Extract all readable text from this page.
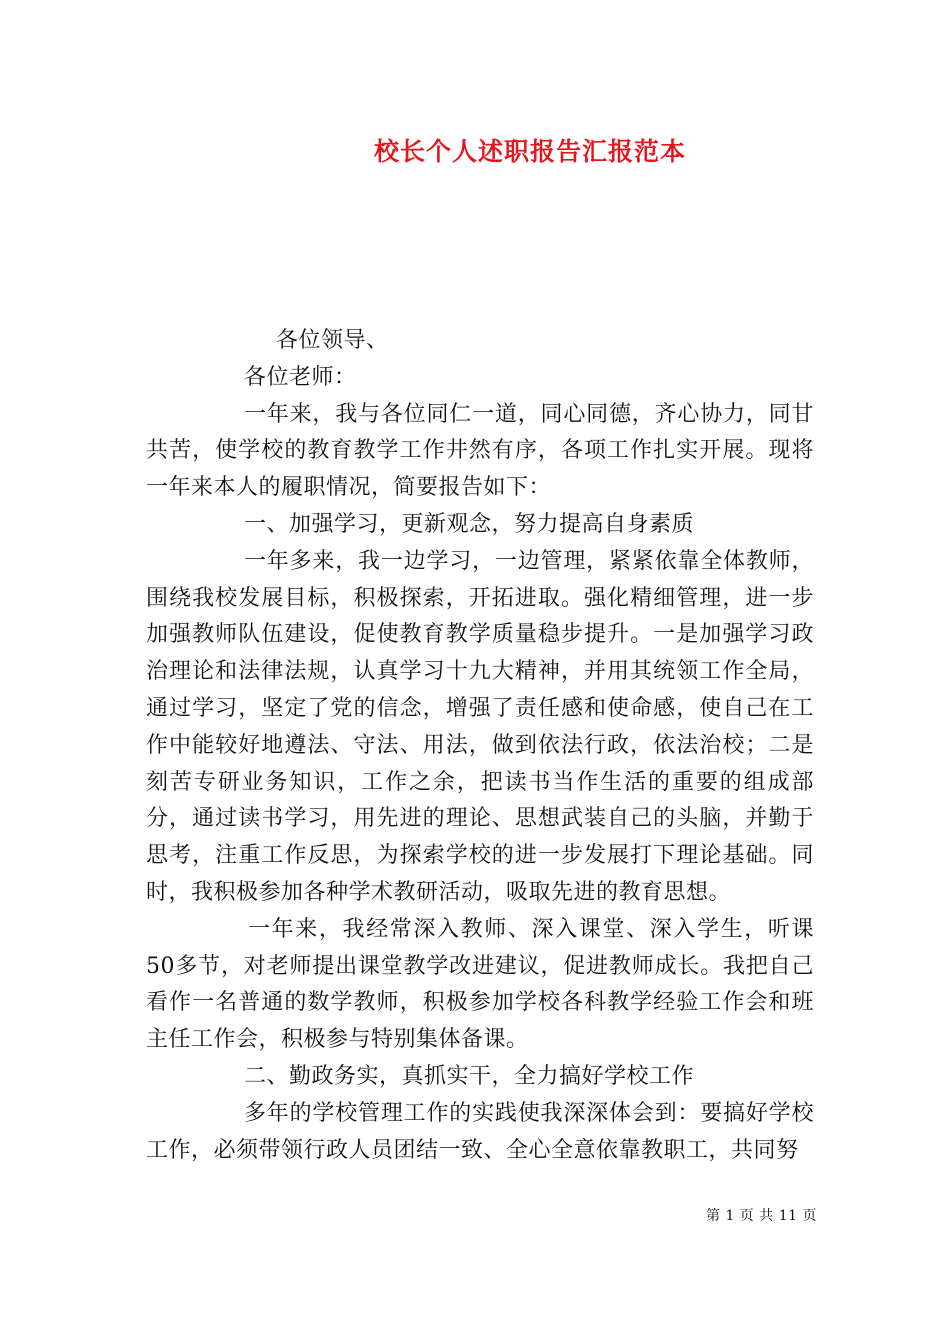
校长个人述职报告汇报范本

各位领导、

各位老师：

一年来，我与各位同仁一道，同心同德，齐心协力，同甘共苦，使学校的教育教学工作井然有序，各项工作扎实开展。现将一年来本人的履职情况，简要报告如下：

一、加强学习，更新观念，努力提高自身素质

一年多来，我一边学习，一边管理，紧紧依靠全体教师，围绕我校发展目标，积极探索，开拓进取。强化精细管理，进一步加强教师队伍建设，促使教育教学质量稳步提升。一是加强学习政治理论和法律法规，认真学习十九大精神，并用其统领工作全局，通过学习，坚定了党的信念，增强了责任感和使命感，使自己在工作中能较好地遵法、守法、用法，做到依法行政，依法治校；二是刻苦专研业务知识，工作之余，把读书当作生活的重要的组成部分，通过读书学习，用先进的理论、思想武装自己的头脑，并勤于思考，注重工作反思，为探索学校的进一步发展打下理论基础。同时，我积极参加各种学术教研活动，吸取先进的教育思想。

一年来，我经常深入教师、深入课堂、深入学生，听课50多节，对老师提出课堂教学改进建议，促进教师成长。我把自己看作一名普通的数学教师，积极参加学校各科教学经验工作会和班主任工作会，积极参与特别集体备课。

二、勤政务实，真抓实干，全力搞好学校工作

多年的学校管理工作的实践使我深深体会到：要搞好学校工作，必须带领行政人员团结一致、全心全意依靠教职工，共同努

第 1 页 共 11 页
